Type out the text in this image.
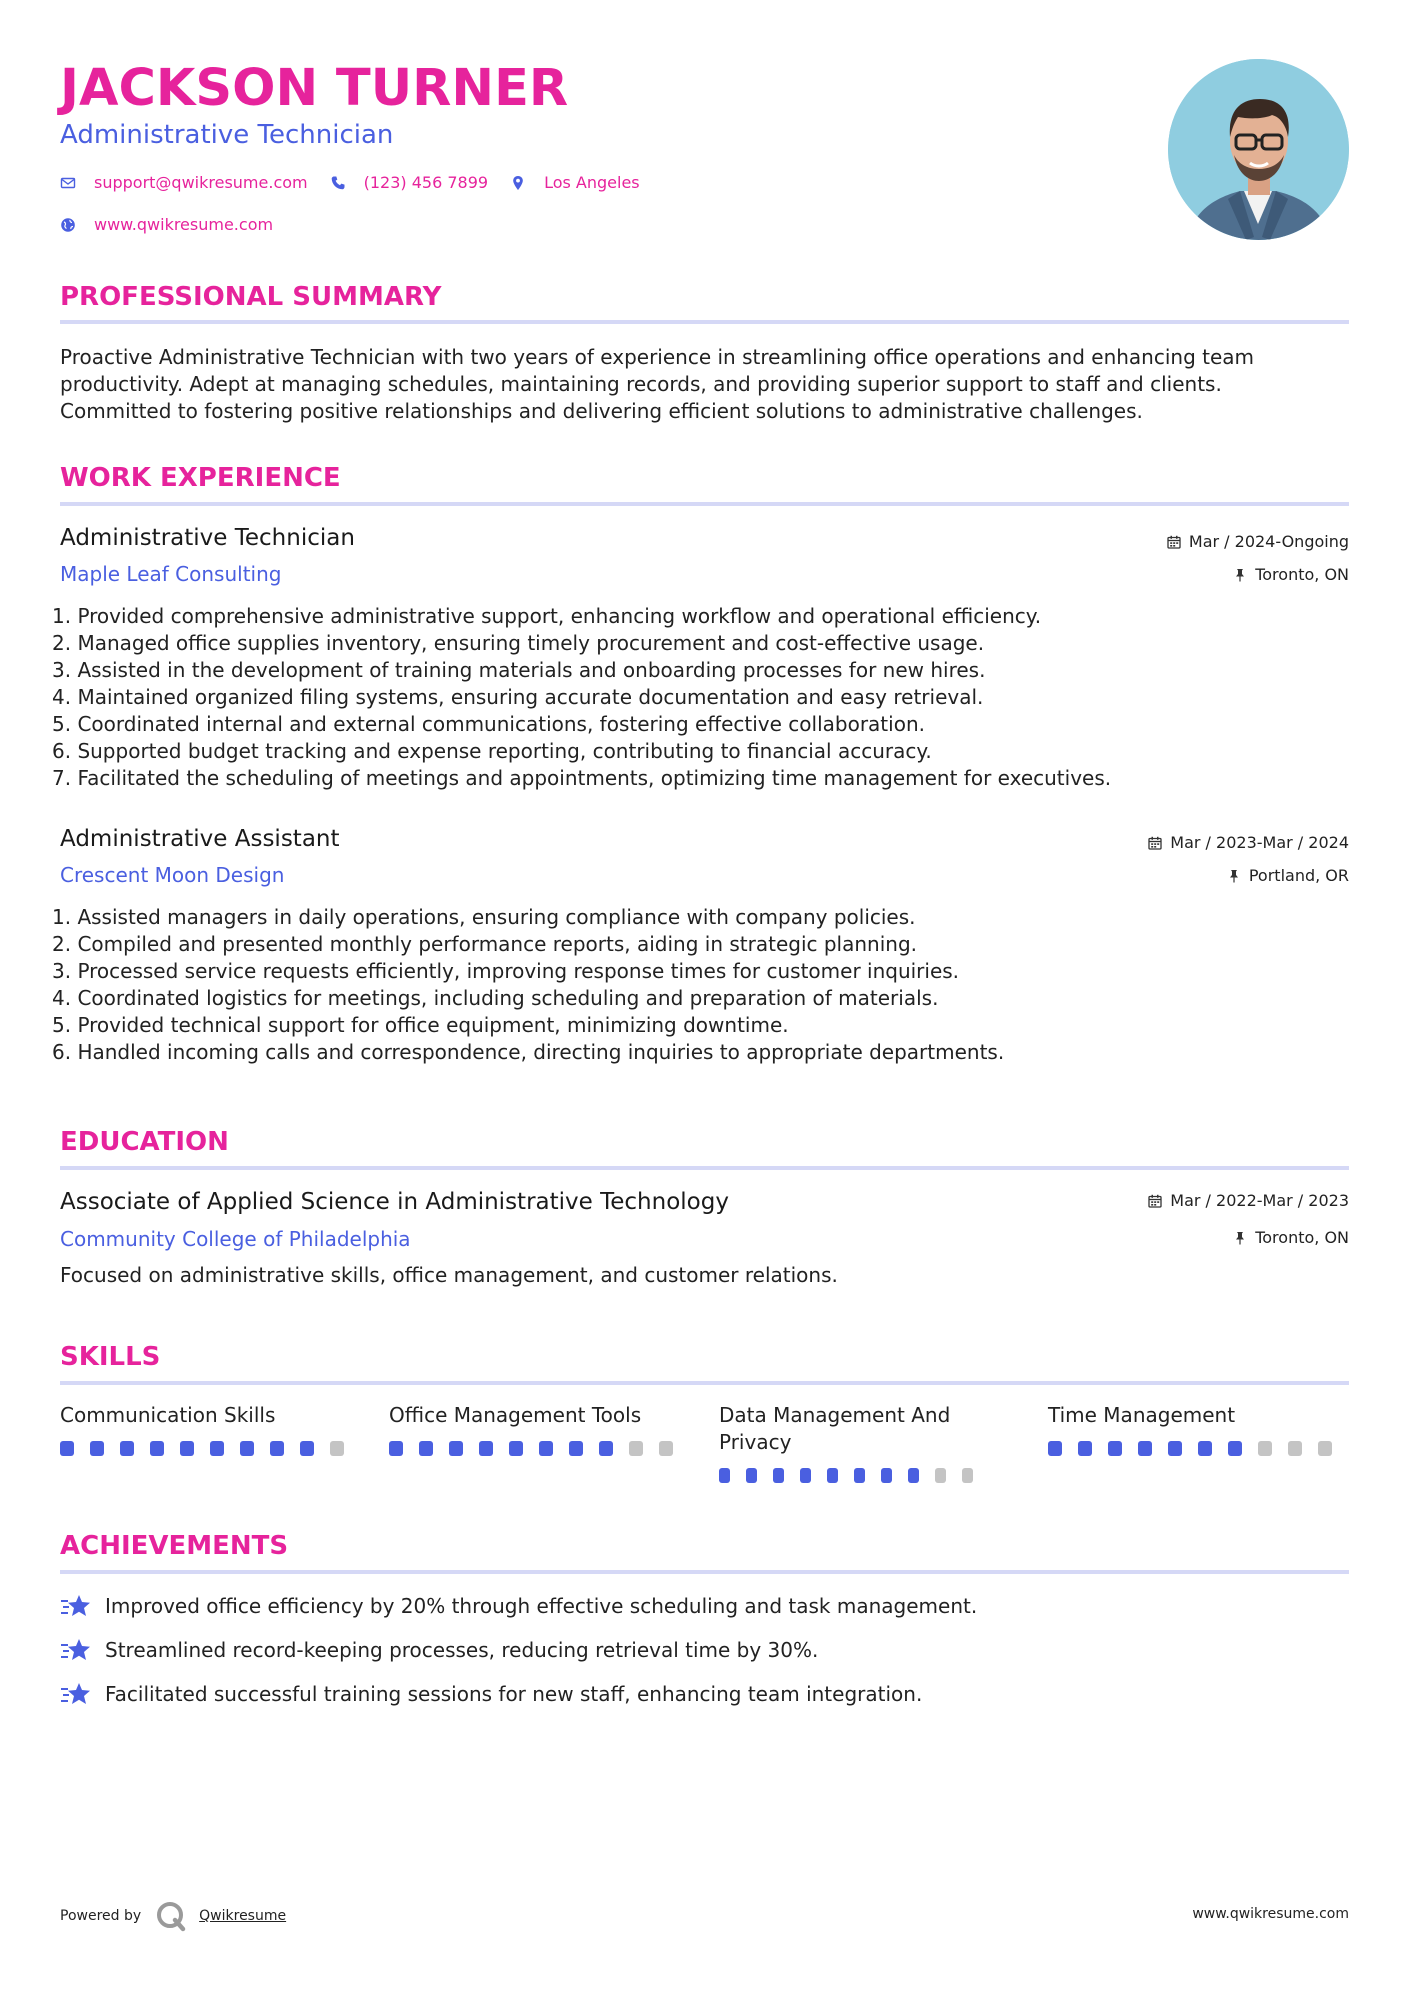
JACKSON TURNER
Administrative Technician
support@qwikresume.com	(123) 456 7899	Los Angeles
www.qwikresume.com
PROFESSIONAL SUMMARY
Proactive Administrative Technician with two years of experience in streamlining office operations and enhancing team
productivity. Adept at managing schedules, maintaining records, and providing superior support to staff and clients.
Committed to fostering positive relationships and delivering efficient solutions to administrative challenges.
WORK EXPERIENCE
Administrative Technician	Mar / 2024-Ongoing
Maple Leaf Consulting	Toronto, ON
1. Provided comprehensive administrative support, enhancing workflow and operational efficiency.
2. Managed office supplies inventory, ensuring timely procurement and cost-effective usage.
3. Assisted in the development of training materials and onboarding processes for new hires.
4. Maintained organized filing systems, ensuring accurate documentation and easy retrieval.
5. Coordinated internal and external communications, fostering effective collaboration.
6. Supported budget tracking and expense reporting, contributing to financial accuracy.
7. Facilitated the scheduling of meetings and appointments, optimizing time management for executives.
Administrative Assistant	Mar / 2023-Mar / 2024
Crescent Moon Design	Portland, OR
1. Assisted managers in daily operations, ensuring compliance with company policies.
2. Compiled and presented monthly performance reports, aiding in strategic planning.
3. Processed service requests efficiently, improving response times for customer inquiries.
4. Coordinated logistics for meetings, including scheduling and preparation of materials.
5. Provided technical support for office equipment, minimizing downtime.
6. Handled incoming calls and correspondence, directing inquiries to appropriate departments.
EDUCATION
Associate of Applied Science in Administrative Technology	Mar / 2022-Mar / 2023
Community College of Philadelphia	Toronto, ON
Focused on administrative skills, office management, and customer relations.
SKILLS
Communication Skills	Office Management Tools	Data Management And Privacy
Time Management
ACHIEVEMENTS
Improved office efficiency by 20% through effective scheduling and task management.
Streamlined record-keeping processes, reducing retrieval time by 30%.
Facilitated successful training sessions for new staff, enhancing team integration.
Powered by	Qwikresume	www.qwikresume.com
